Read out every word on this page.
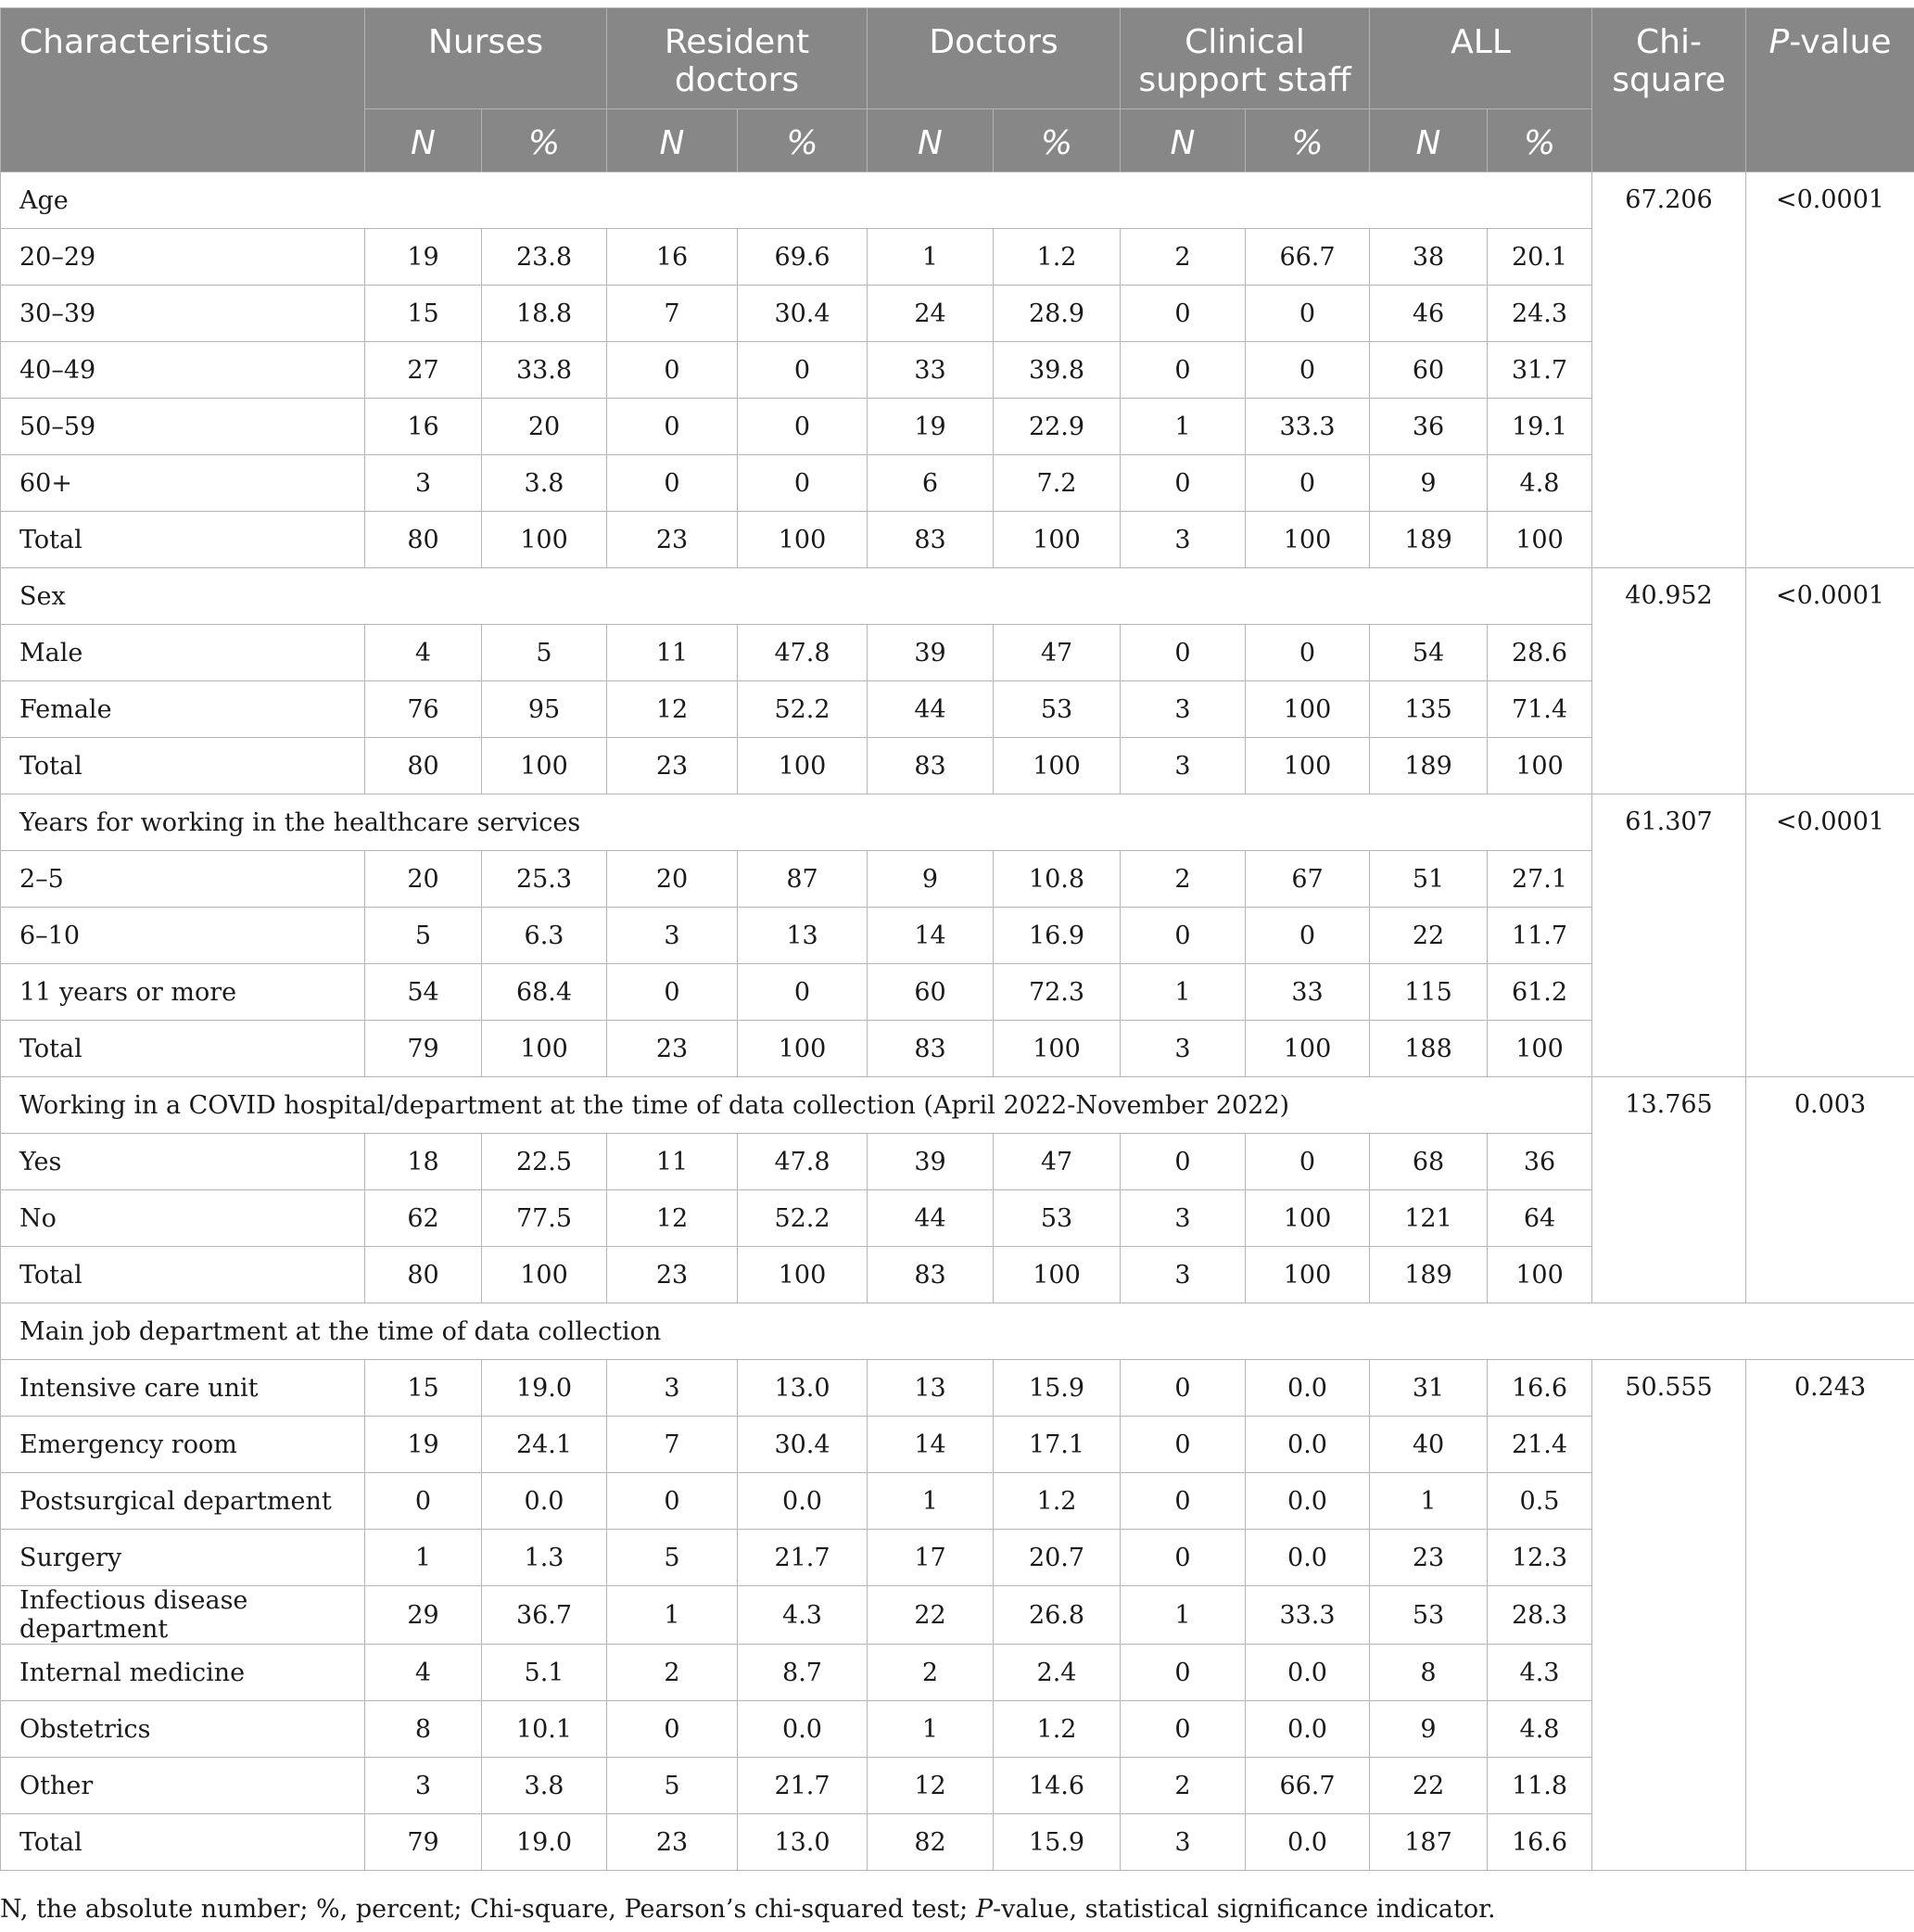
Characteristics	Nurses		Resident doctors		Doctors		Clinical support staff		ALL		Chi-square	P-value
	N	%	N	%	N	%	N	%	N	%		
Age											67.206	<0.0001
20–29	19	23.8	16	69.6	1	1.2	2	66.7	38	20.1		
30–39	15	18.8	7	30.4	24	28.9	0	0	46	24.3		
40–49	27	33.8	0	0	33	39.8	0	0	60	31.7		
50–59	16	20	0	0	19	22.9	1	33.3	36	19.1		
60+	3	3.8	0	0	6	7.2	0	0	9	4.8		
Total	80	100	23	100	83	100	3	100	189	100		
Sex											40.952	<0.0001
Male	4	5	11	47.8	39	47	0	0	54	28.6		
Female	76	95	12	52.2	44	53	3	100	135	71.4		
Total	80	100	23	100	83	100	3	100	189	100		
Years for working in the healthcare services											61.307	<0.0001
2–5	20	25.3	20	87	9	10.8	2	67	51	27.1		
6–10	5	6.3	3	13	14	16.9	0	0	22	11.7		
11 years or more	54	68.4	0	0	60	72.3	1	33	115	61.2		
Total	79	100	23	100	83	100	3	100	188	100		
Working in a COVID hospital/department at the time of data collection (April 2022-November 2022)											13.765	0.003
Yes	18	22.5	11	47.8	39	47	0	0	68	36		
No	62	77.5	12	52.2	44	53	3	100	121	64		
Total	80	100	23	100	83	100	3	100	189	100		
Main job department at the time of data collection												
Intensive care unit	15	19.0	3	13.0	13	15.9	0	0.0	31	16.6	50.555	0.243
Emergency room	19	24.1	7	30.4	14	17.1	0	0.0	40	21.4		
Postsurgical department	0	0.0	0	0.0	1	1.2	0	0.0	1	0.5		
Surgery	1	1.3	5	21.7	17	20.7	0	0.0	23	12.3		
Infectious disease department	29	36.7	1	4.3	22	26.8	1	33.3	53	28.3		
Internal medicine	4	5.1	2	8.7	2	2.4	0	0.0	8	4.3		
Obstetrics	8	10.1	0	0.0	1	1.2	0	0.0	9	4.8		
Other	3	3.8	5	21.7	12	14.6	2	66.7	22	11.8		
Total	79	19.0	23	13.0	82	15.9	3	0.0	187	16.6		
N, the absolute number; %, percent; Chi-square, Pearson’s chi-squared test; P-value, statistical significance indicator.
